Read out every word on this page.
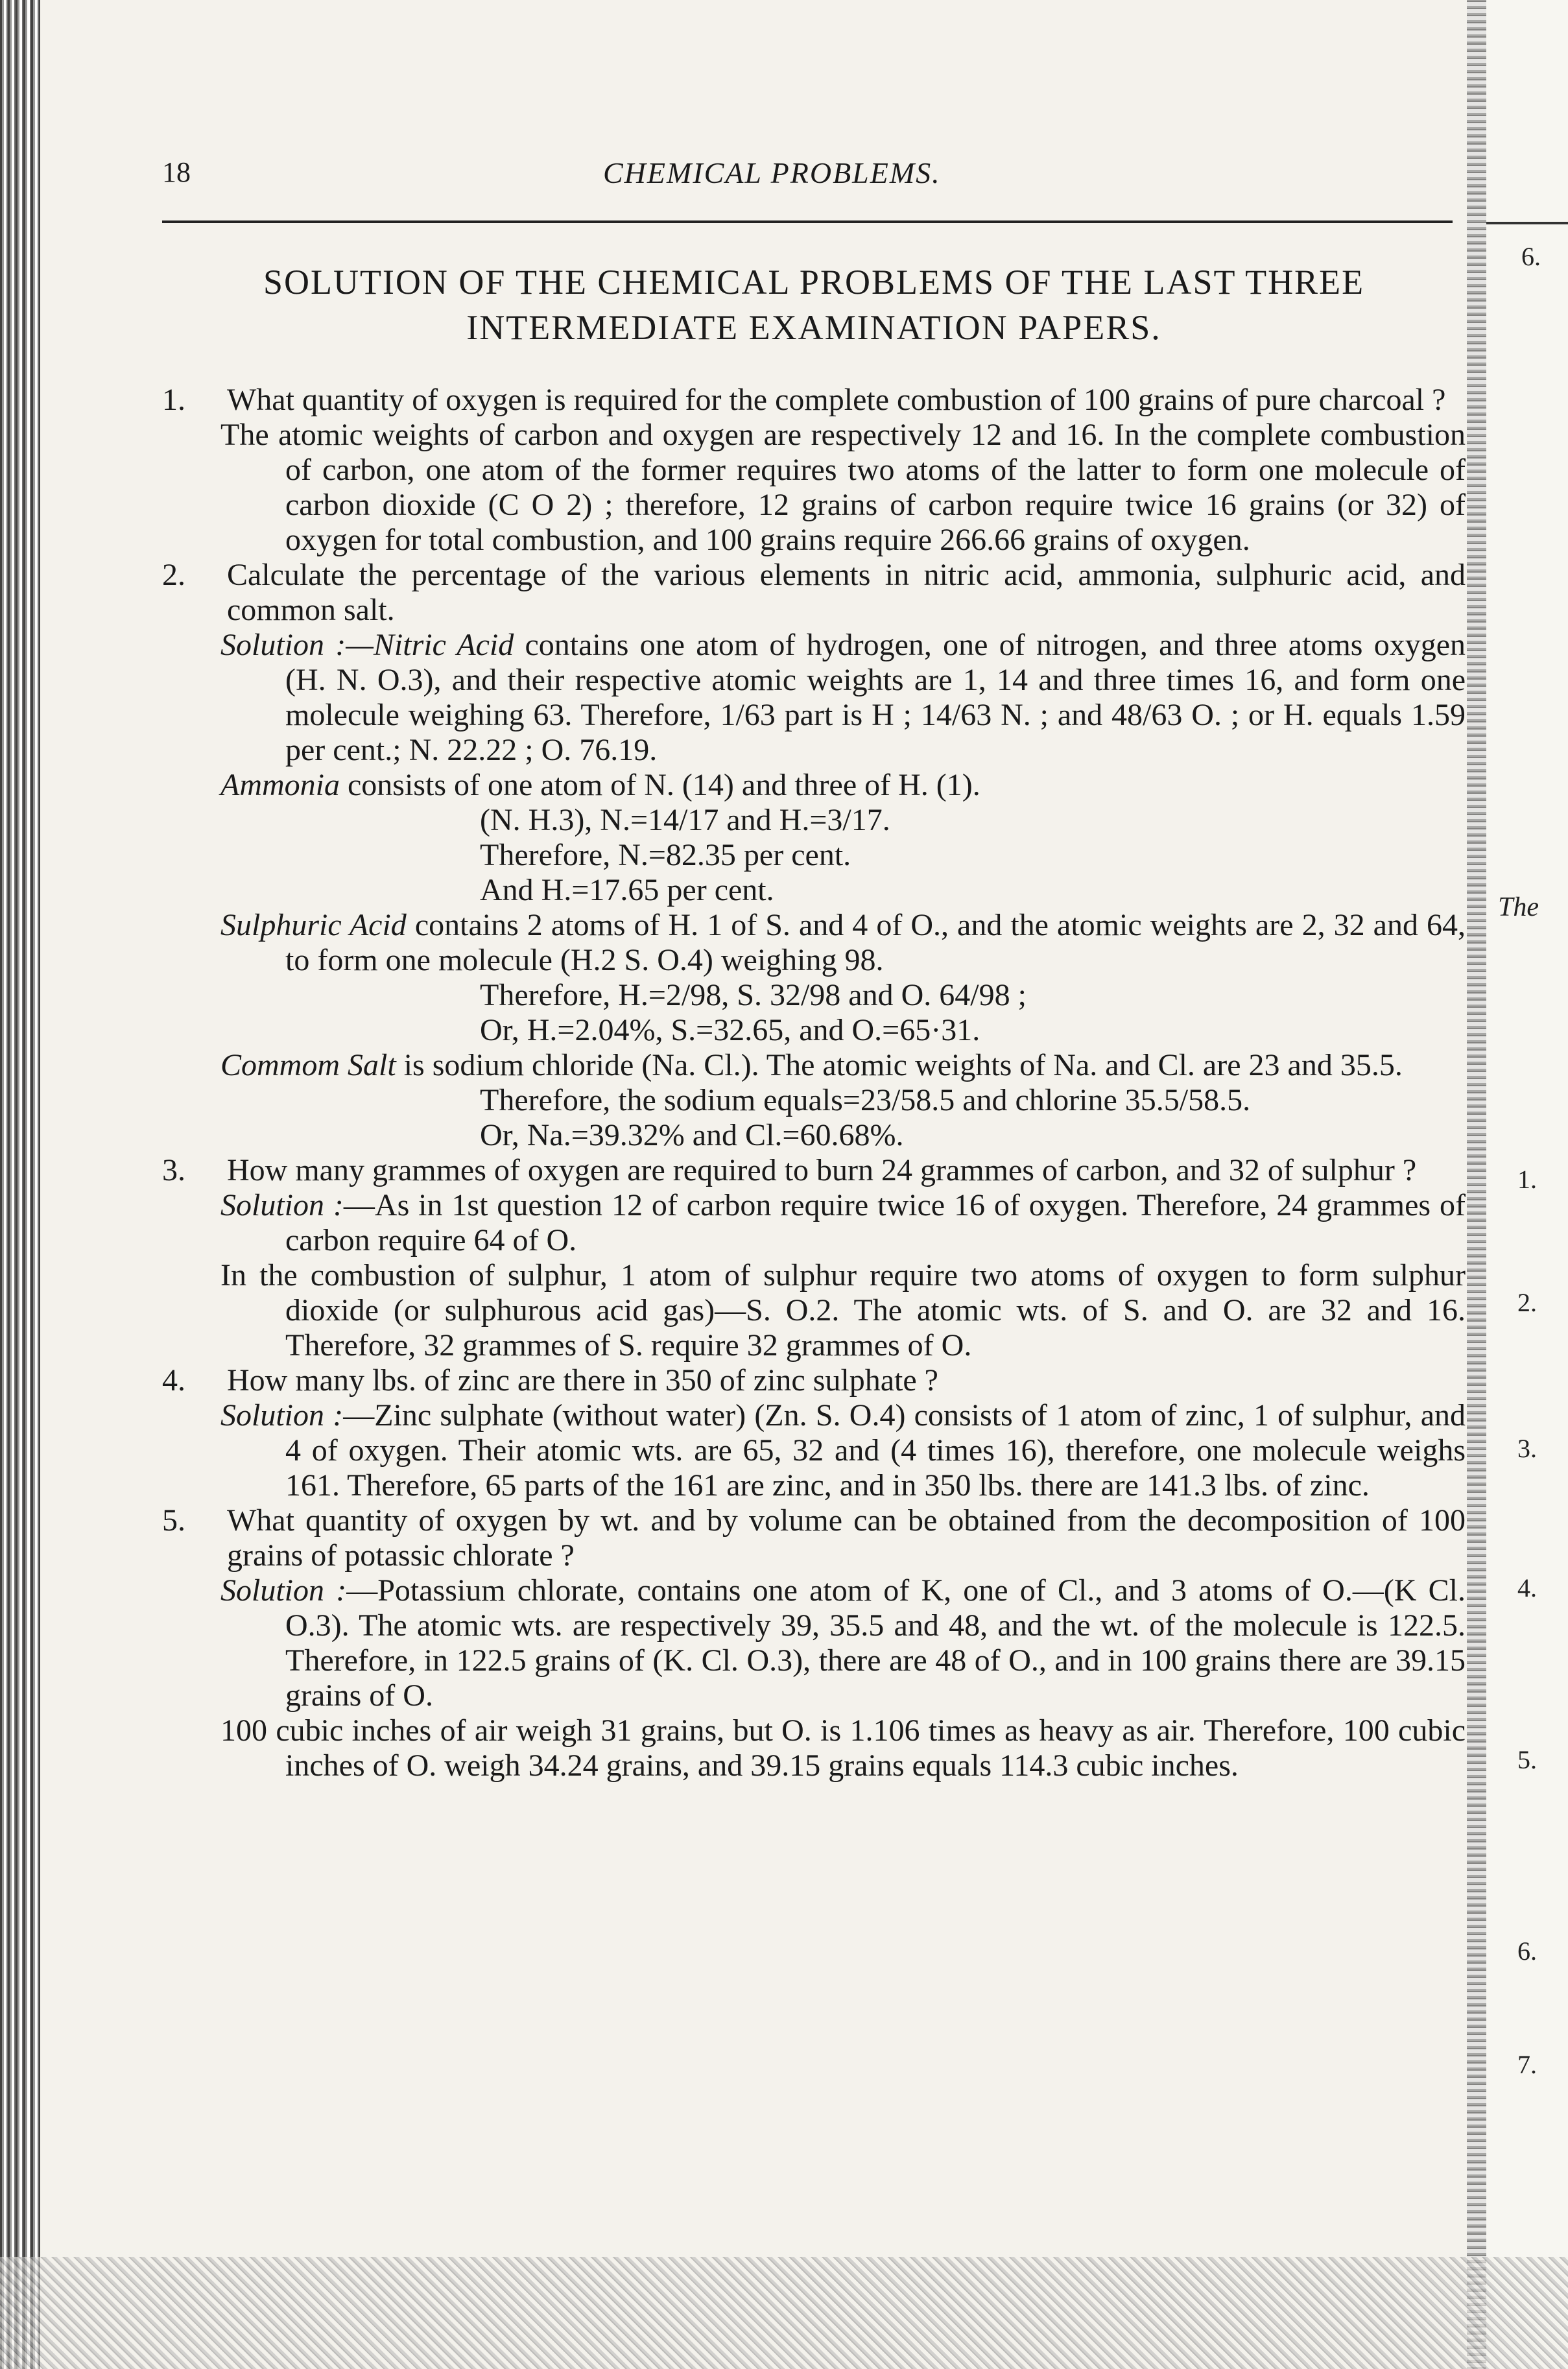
6.
The
1.
2.
3.
4.
5.
6.
7.
18	CHEMICAL PROBLEMS.
SOLUTION OF THE CHEMICAL PROBLEMS OF THE LAST THREE INTERMEDIATE EXAMINATION PAPERS.

1. What quantity of oxygen is required for the complete combustion of 100 grains of pure charcoal ?

The atomic weights of carbon and oxygen are respectively 12 and 16. In the complete combustion of carbon, one atom of the former requires two atoms of the latter to form one molecule of carbon dioxide (C O 2) ; therefore, 12 grains of carbon require twice 16 grains (or 32) of oxygen for total combustion, and 100 grains require 266.66 grains of oxygen.

2. Calculate the percentage of the various elements in nitric acid, ammonia, sulphuric acid, and common salt.

Solution :—Nitric Acid contains one atom of hydrogen, one of nitrogen, and three atoms oxygen (H. N. O.3), and their respective atomic weights are 1, 14 and three times 16, and form one molecule weighing 63. Therefore, 1/63 part is H ; 14/63 N. ; and 48/63 O. ; or H. equals 1.59 per cent.; N. 22.22 ; O. 76.19.

Ammonia consists of one atom of N. (14) and three of H. (1).

(N. H.3), N.=14/17 and H.=3/17.

Therefore, N.=82.35 per cent.

And H.=17.65 per cent.

Sulphuric Acid contains 2 atoms of H. 1 of S. and 4 of O., and the atomic weights are 2, 32 and 64, to form one molecule (H.2 S. O.4) weighing 98.

Therefore, H.=2/98, S. 32/98 and O. 64/98 ;

Or, H.=2.04%, S.=32.65, and O.=65·31.

Commom Salt is sodium chloride (Na. Cl.). The atomic weights of Na. and Cl. are 23 and 35.5.

Therefore, the sodium equals=23/58.5 and chlorine 35.5/58.5.

Or, Na.=39.32% and Cl.=60.68%.

3. How many grammes of oxygen are required to burn 24 grammes of carbon, and 32 of sulphur ?

Solution :—As in 1st question 12 of carbon require twice 16 of oxygen. Therefore, 24 grammes of carbon require 64 of O.

In the combustion of sulphur, 1 atom of sulphur require two atoms of oxygen to form sulphur dioxide (or sulphurous acid gas)—S. O.2. The atomic wts. of S. and O. are 32 and 16. Therefore, 32 grammes of S. require 32 grammes of O.

4. How many lbs. of zinc are there in 350 of zinc sulphate ?

Solution :—Zinc sulphate (without water) (Zn. S. O.4) consists of 1 atom of zinc, 1 of sulphur, and 4 of oxygen. Their atomic wts. are 65, 32 and (4 times 16), therefore, one molecule weighs 161. Therefore, 65 parts of the 161 are zinc, and in 350 lbs. there are 141.3 lbs. of zinc.

5. What quantity of oxygen by wt. and by volume can be obtained from the decomposition of 100 grains of potassic chlorate ?

Solution :—Potassium chlorate, contains one atom of K, one of Cl., and 3 atoms of O.—(K Cl. O.3). The atomic wts. are respectively 39, 35.5 and 48, and the wt. of the molecule is 122.5. Therefore, in 122.5 grains of (K. Cl. O.3), there are 48 of O., and in 100 grains there are 39.15 grains of O.

100 cubic inches of air weigh 31 grains, but O. is 1.106 times as heavy as air. Therefore, 100 cubic inches of O. weigh 34.24 grains, and 39.15 grains equals 114.3 cubic inches.
